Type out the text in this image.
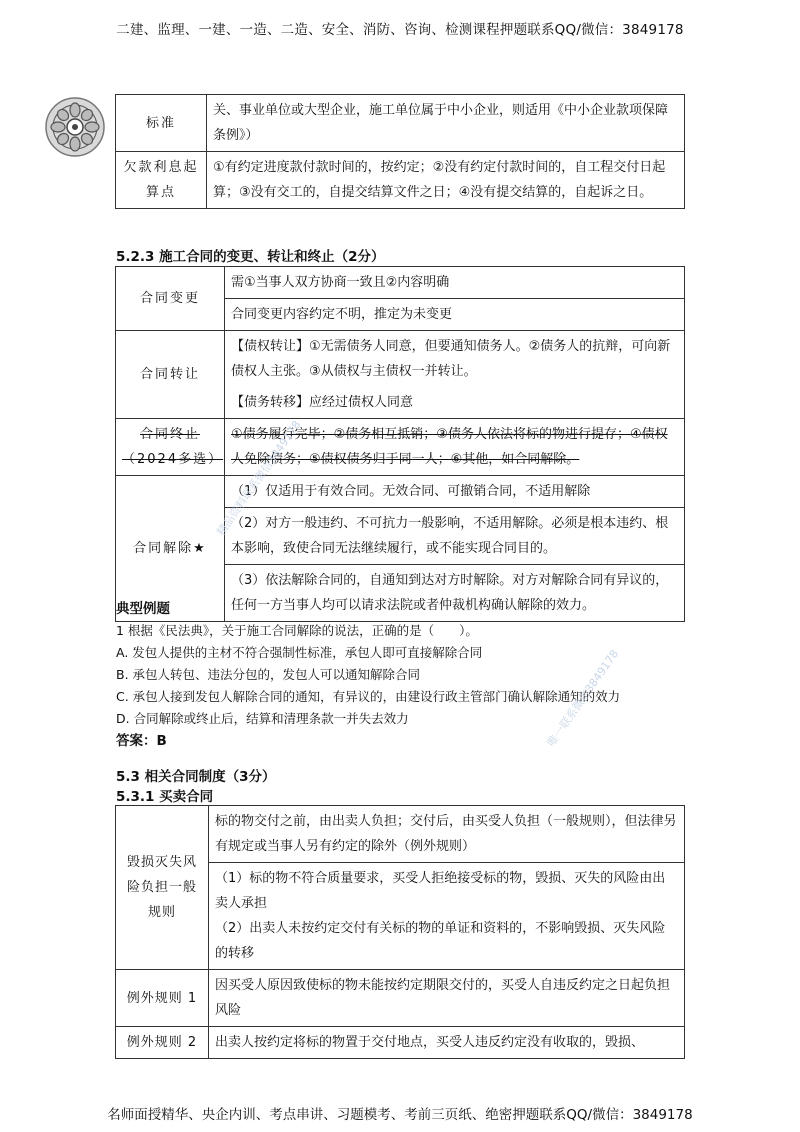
二建、监理、一建、一造、二造、安全、消防、咨询、检测课程押题联系QQ/微信：3849178
标准	关、事业单位或大型企业，施工单位属于中小企业，则适用《中小企业款项保障条例》）
欠款利息起算点	①有约定进度款付款时间的，按约定；②没有约定付款时间的，自工程交付日起算；③没有交工的，自提交结算文件之日；④没有提交结算的，自起诉之日。
5.2.3 施工合同的变更、转让和终止（2分）
合同变更	需①当事人双方协商一致且②内容明确
	合同变更内容约定不明，推定为未变更
合同转让	【债权转让】①无需债务人同意，但要通知债务人。②债务人的抗辩，可向新债权人主张。③从债权与主债权一并转让。
	【债务转移】应经过债权人同意

合同终止
（2024多选）	①债务履行完毕；②债务相互抵销；③债务人依法将标的物进行提存；④债权人免除债务；⑤债权债务归于同一人；⑥其他，如合同解除。
合同解除★	（1）仅适用于有效合同。无效合同、可撤销合同，不适用解除
	（2）对方一般违约、不可抗力一般影响，不适用解除。必须是根本违约、根本影响，致使合同无法继续履行，或不能实现合同目的。
	（3）依法解除合同的，自通知到达对方时解除。对方对解除合同有异议的，任何一方当事人均可以请求法院或者仲裁机构确认解除的效力。
典型例题
1 根据《民法典》，关于施工合同解除的说法，正确的是（　　）。
A. 发包人提供的主材不符合强制性标准，承包人即可直接解除合同
B. 承包人转包、违法分包的，发包人可以通知解除合同
C. 承包人接到发包人解除合同的通知，有异议的，由建设行政主管部门确认解除通知的效力
D. 合同解除或终止后，结算和清理条款一并失去效力
答案：B
5.3 相关合同制度（3分）
5.3.1 买卖合同
毁损灭失风险负担一般规则	标的物交付之前，由出卖人负担；交付后，由买受人负担（一般规则），但法律另有规定或当事人另有约定的除外（例外规则）

	（1）标的物不符合质量要求，买受人拒绝接受标的物，毁损、灭失的风险由出卖人承担
（2）出卖人未按约定交付有关标的物的单证和资料的，不影响毁损、灭失风险的转移

例外规则 1	因买受人原因致使标的物未能按约定期限交付的，买受人自违反约定之日起负担风险
例外规则 2	出卖人按约定将标的物置于交付地点，买受人违反约定没有收取的，毁损、
精品资料联系微信3849178
唯一联系微信3849178
名师面授精华、央企内训、考点串讲、习题模考、考前三页纸、绝密押题联系QQ/微信：3849178
